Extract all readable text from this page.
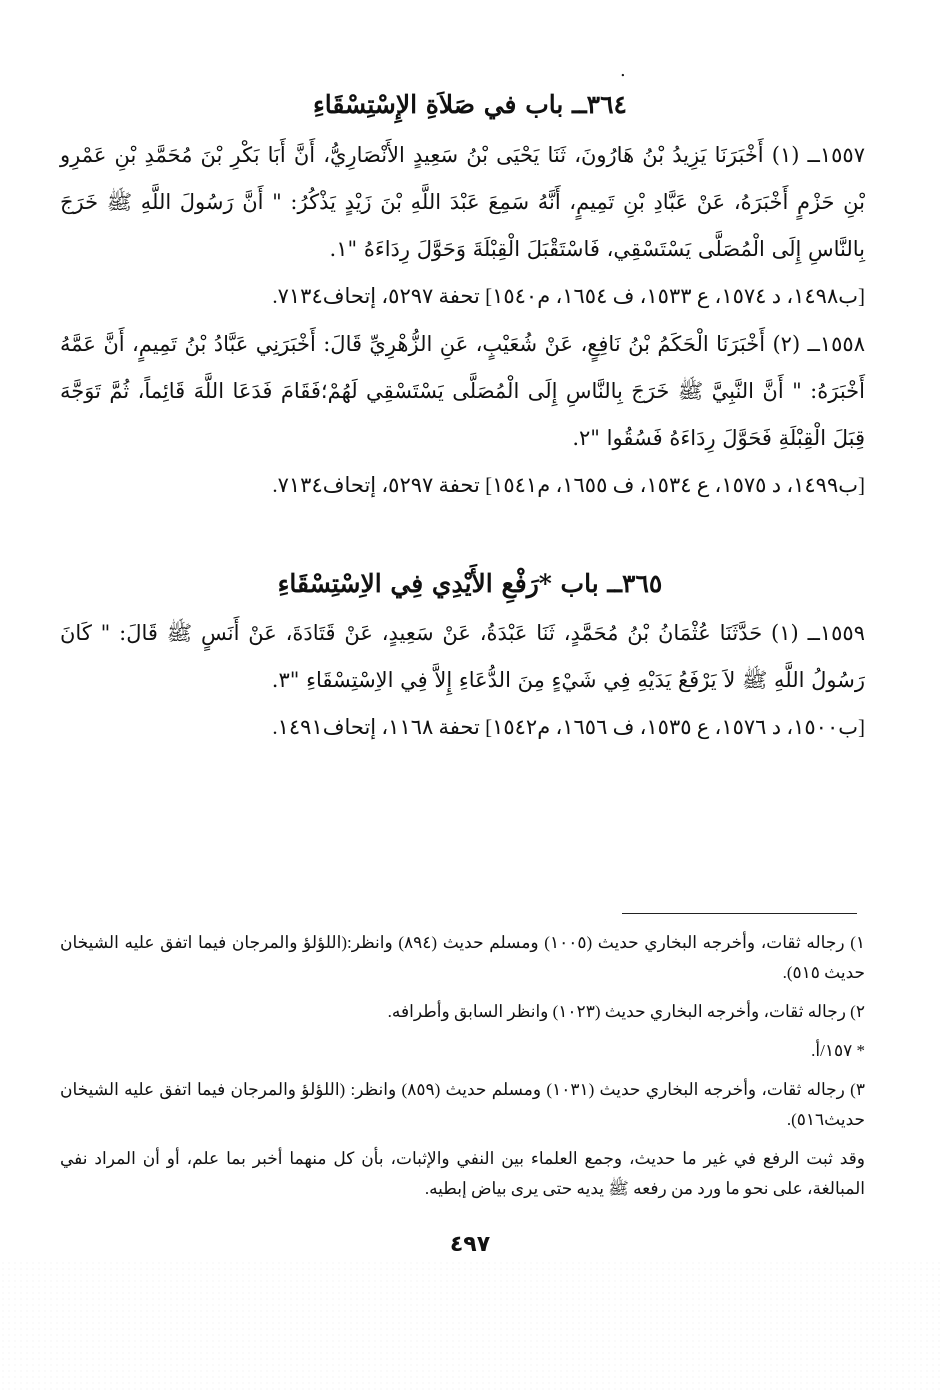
.
٣٦٤ــ باب في صَلاَةِ الإِسْتِسْقَاءِ

١٥٥٧ــ (١) أَخْبَرَنَا يَزِيدُ بْنُ هَارُونَ، ثَنَا يَحْيَى بْنُ سَعِيدٍ الأَنْصَارِيُّ، أَنَّ أَبَا بَكْرِ بْنَ مُحَمَّدِ بْنِ عَمْرِو بْنِ حَزْمٍ أَخْبَرَهُ، عَنْ عَبَّادِ بْنِ تَمِيمٍ، أَنَّهُ سَمِعَ عَبْدَ اللَّهِ بْنَ زَيْدٍ يَذْكُرُ: " أَنَّ رَسُولَ اللَّهِ ﷺ خَرَجَ بِالنَّاسِ إِلَى الْمُصَلَّى يَسْتَسْقِي، فَاسْتَقْبَلَ الْقِبْلَةَ وَحَوَّلَ رِدَاءَهُ "١.

[ب١٤٩٨، د ١٥٧٤، ع ١٥٣٣، ف ١٦٥٤، م١٥٤٠] تحفة ٥٢٩٧، إتحاف٧١٣٤.

١٥٥٨ــ (٢) أَخْبَرَنَا الْحَكَمُ بْنُ نَافِعٍ، عَنْ شُعَيْبٍ، عَنِ الزُّهْرِيِّ قَالَ: أَخْبَرَنِي عَبَّادُ بْنُ تَمِيمٍ، أَنَّ عَمَّهُ أَخْبَرَهُ: " أَنَّ النَّبِيَّ ﷺ خَرَجَ بِالنَّاسِ إِلَى الْمُصَلَّى يَسْتَسْقِي لَهُمْ؛فَقَامَ فَدَعَا اللَّهَ قَائِماً، ثُمَّ تَوَجَّهَ قِبَلَ الْقِبْلَةِ فَحَوَّلَ رِدَاءَهُ فَسُقُوا "٢.

[ب١٤٩٩، د ١٥٧٥، ع ١٥٣٤، ف ١٦٥٥، م١٥٤١] تحفة ٥٢٩٧، إتحاف٧١٣٤.

٣٦٥ــ باب *رَفْعِ الأَيْدِي فِي الاِسْتِسْقَاءِ

١٥٥٩ــ (١) حَدَّثَنَا عُثْمَانُ بْنُ مُحَمَّدٍ، ثَنَا عَبْدَةُ، عَنْ سَعِيدٍ، عَنْ قَتَادَةَ، عَنْ أَنَسٍ ﷺ قَالَ: " كَانَ رَسُولُ اللَّهِ ﷺ لاَ يَرْفَعُ يَدَيْهِ فِي شَيْءٍ مِنَ الدُّعَاءِ إِلاَّ فِي الاِسْتِسْقَاءِ "٣.

[ب١٥٠٠، د ١٥٧٦، ع ١٥٣٥، ف ١٦٥٦، م١٥٤٢] تحفة ١١٦٨، إتحاف١٤٩١.

١) رجاله ثقات، وأخرجه البخاري حديث (١٠٠٥) ومسلم حديث (٨٩٤) وانظر:(اللؤلؤ والمرجان فيما اتفق عليه الشيخان حديث ٥١٥).

٢) رجاله ثقات، وأخرجه البخاري حديث (١٠٢٣) وانظر السابق وأطرافه.

* ١٥٧/أ.

٣) رجاله ثقات، وأخرجه البخاري حديث (١٠٣١) ومسلم حديث (٨٥٩) وانظر: (اللؤلؤ والمرجان فيما اتفق عليه الشيخان حديث٥١٦).

وقد ثبت الرفع في غير ما حديث، وجمع العلماء بين النفي والإثبات، بأن كل منهما أخبر بما علم، أو أن المراد نفي المبالغة، على نحو ما ورد من رفعه ﷺ يديه حتى يرى بياض إبطيه.

٤٩٧
